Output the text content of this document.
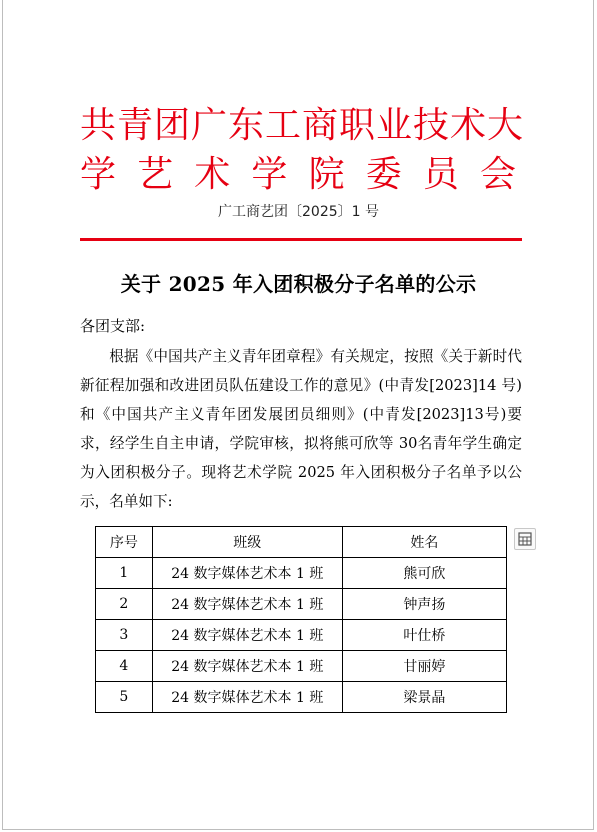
共青团广东工商职业技术大
学艺术学院委员会
广工商艺团〔2025〕1 号
关于 2025 年入团积极分子名单的公示
各团支部:
根据《中国共产主义青年团章程》有关规定，按照《关于新时代新征程加强和改进团员队伍建设工作的意见》(中青发[2023]14 号)和《中国共产主义青年团发展团员细则》(中青发[2023]13号)要求，经学生自主申请，学院审核，拟将熊可欣等 30名青年学生确定为入团积极分子。现将艺术学院 2025 年入团积极分子名单予以公示，名单如下:
序号	班级	姓名
1	24 数字媒体艺术本 1 班	熊可欣
2	24 数字媒体艺术本 1 班	钟声扬
3	24 数字媒体艺术本 1 班	叶仕桥
4	24 数字媒体艺术本 1 班	甘丽婷
5	24 数字媒体艺术本 1 班	梁景晶
